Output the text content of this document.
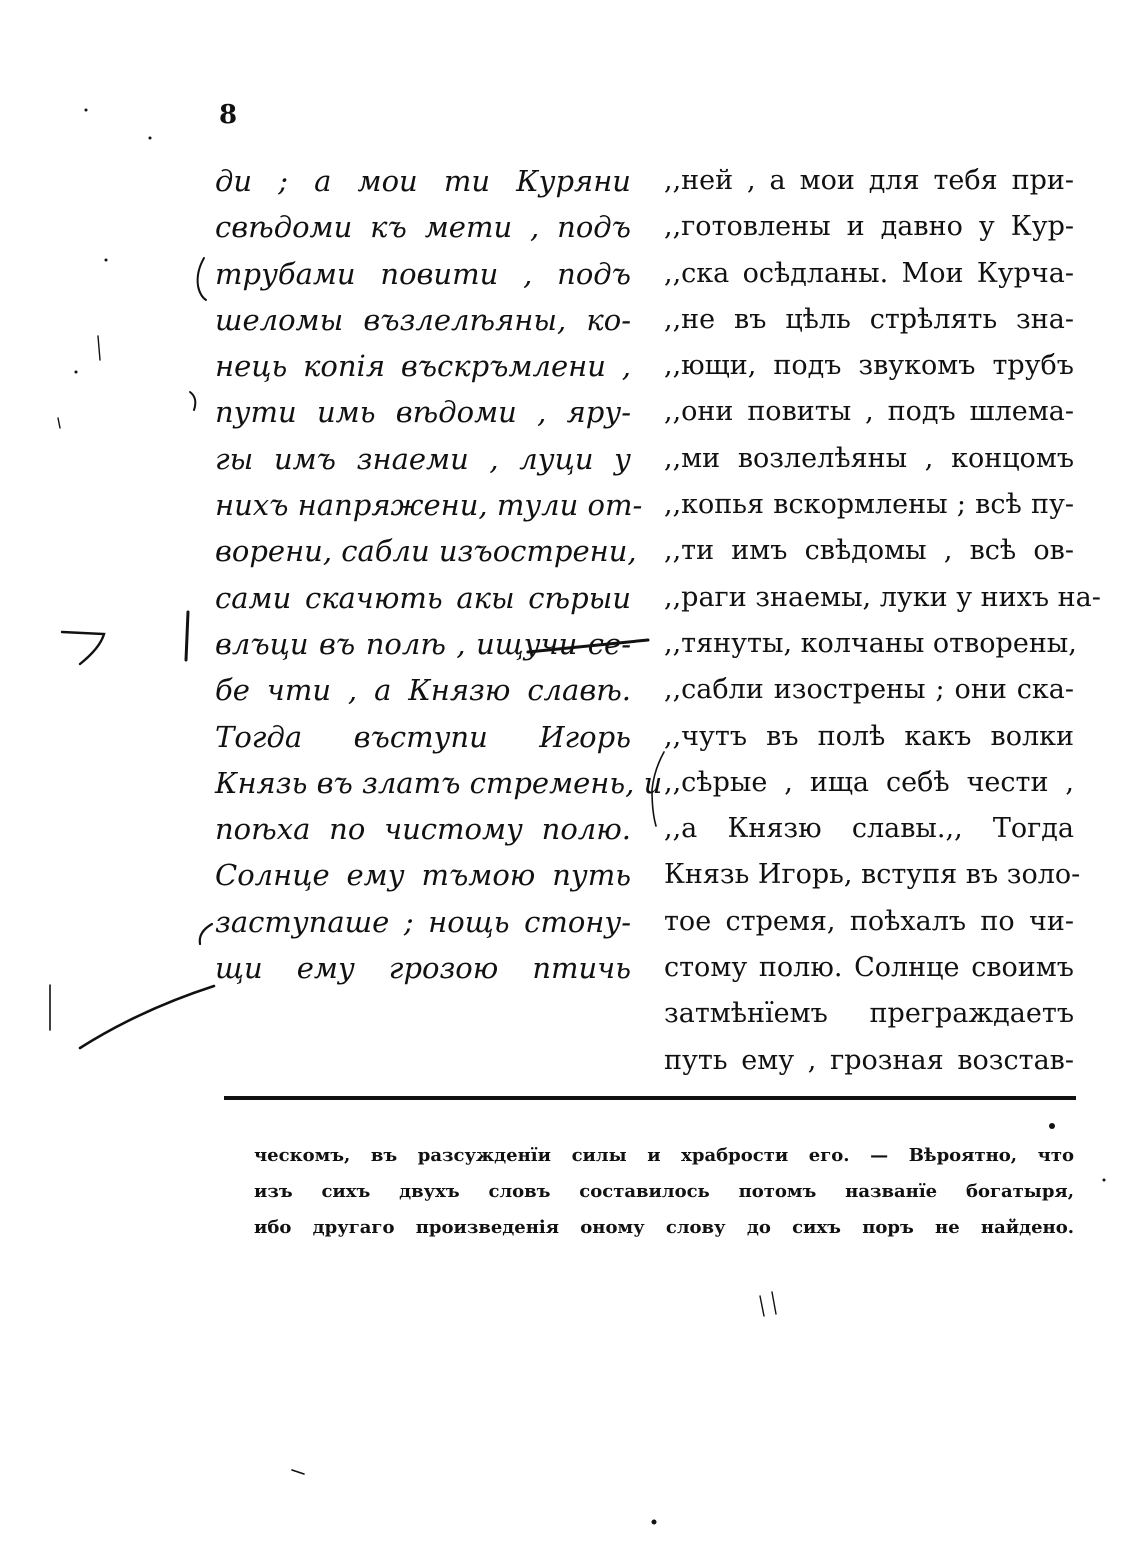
8
ди ; а мои ти Куряни
свѣдоми къ мети , подъ
трубами повити , подъ
шеломы възлелѣяны, ко-
нець копія въскръмлени ,
пути имь вѣдоми , яру-
гы имъ знаеми , луци у
нихъ напряжени, тули от-
ворени, сабли изъострени,
сами скачють акы сѣрыи
влъци въ полѣ , ищучи се-
бе чти , а Князю славѣ.
Тогда въступи Игорь
Князь въ златъ стремень, и
поѣха по чистому полю.
Солнце ему тъмою путь
заступаше ; нощь стону-
щи ему грозою птичь
,,ней , а мои для тебя при-
,,готовлены и давно у Кур-
,,ска осѣдланы. Мои Курча-
,,не въ цѣль стрѣлять зна-
,,ющи, подъ звукомъ трубъ
,,они повиты , подъ шлема-
,,ми возлелѣяны , концомъ
,,копья вскормлены ; всѣ пу-
,,ти имъ свѣдомы , всѣ ов-
,,раги знаемы, луки у нихъ на-
,,тянуты, колчаны отворены,
,,сабли изострены ; они ска-
,,чутъ въ полѣ какъ волки
,,сѣрые , ища себѣ чести ,
,,а Князю славы.,, Тогда
Князь Игорь, вступя въ золо-
тое стремя, поѣхалъ по чи-
стому полю. Солнце своимъ
затмѣнїемъ преграждаетъ
путь ему , грозная возстав-
ческомъ, въ разсужденїи силы и храбрости его. — Вѣроятно, что
изъ сихъ двухъ словъ составилось потомъ названїе богатыря,
ибо другаго произведенія оному слову до сихъ поръ не найдено.
